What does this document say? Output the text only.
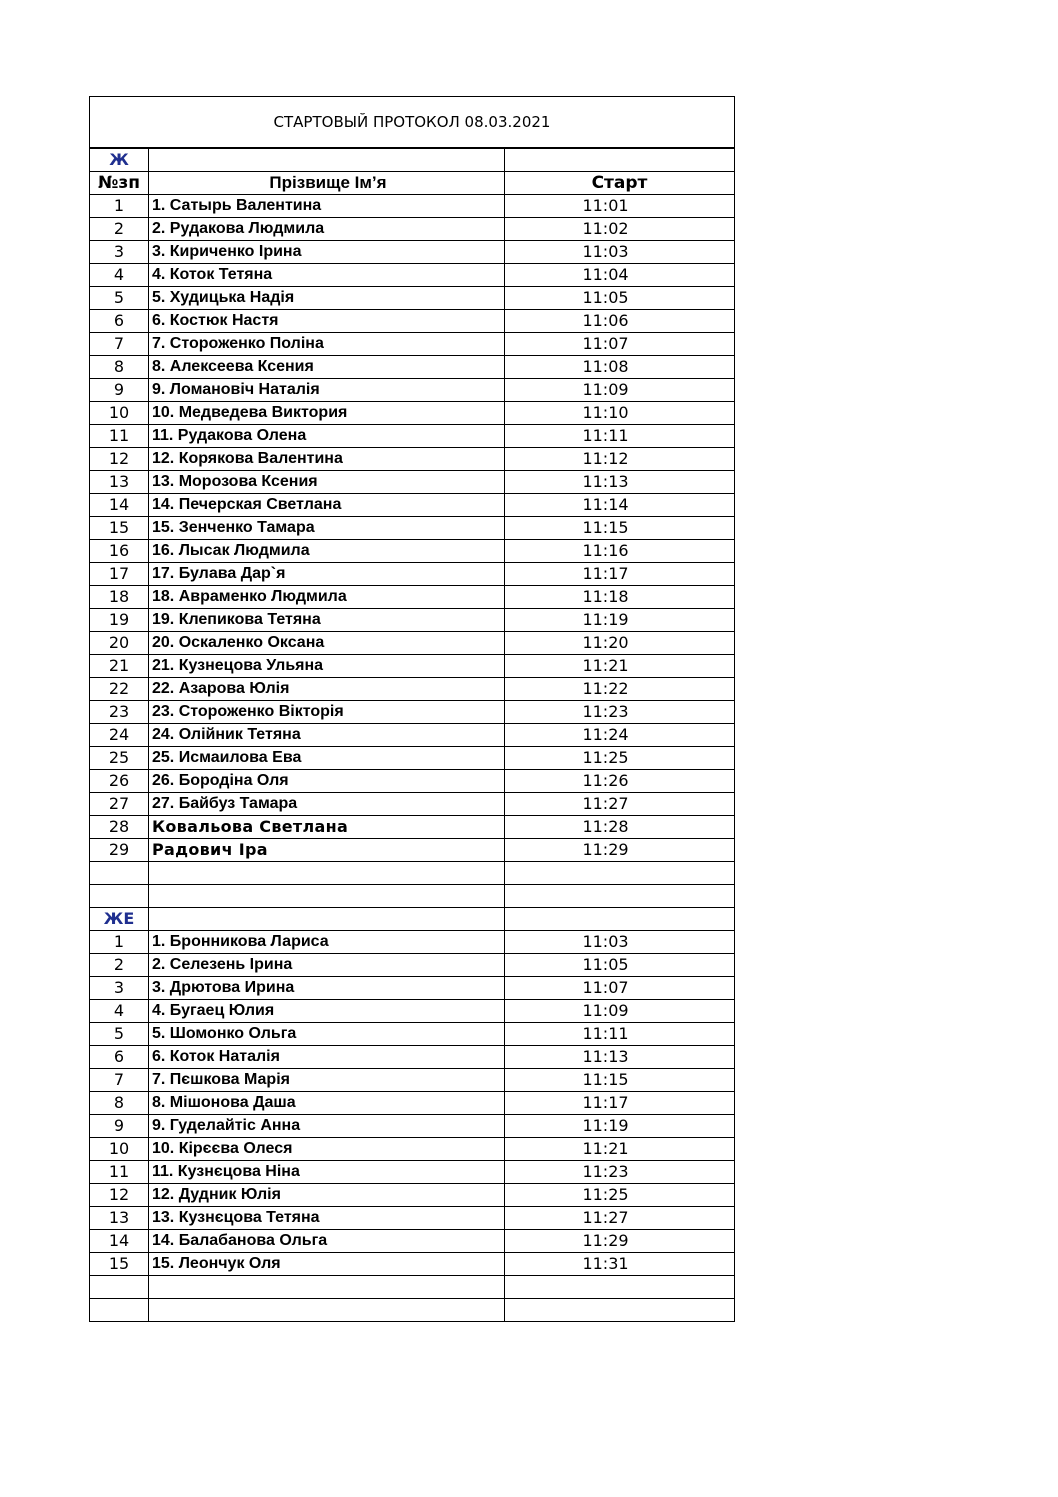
СТАРТОВЫЙ ПРОТОКОЛ 08.03.2021		
Ж		
№зп	Прізвище Ім’я	Старт
1	1. Сатырь Валентина	11:01
2	2. Рудакова Людмила	11:02
3	3. Кириченко Ірина	11:03
4	4. Коток Тетяна	11:04
5	5. Худицька Надія	11:05
6	6. Костюк Настя	11:06
7	7. Стороженко Поліна	11:07
8	8. Алексеева Ксения	11:08
9	9. Ломановіч Наталія	11:09
10	10. Медведева Виктория	11:10
11	11. Рудакова Олена	11:11
12	12. Корякова Валентина	11:12
13	13. Морозова Ксения	11:13
14	14. Печерская Светлана	11:14
15	15. Зенченко Тамара	11:15
16	16. Лысак Людмила	11:16
17	17. Булава Дар`я	11:17
18	18. Авраменко Людмила	11:18
19	19. Клепикова Тетяна	11:19
20	20. Оскаленко Оксана	11:20
21	21. Кузнецова Ульяна	11:21
22	22. Азарова Юлія	11:22
23	23. Стороженко Вікторія	11:23
24	24. Олійник Тетяна	11:24
25	25. Исмаилова Ева	11:25
26	26. Бородіна Оля	11:26
27	27. Байбуз Тамара	11:27
28	Ковальова Светлана	11:28
29	Радович Іра	11:29

ЖЕ		
1	1. Бронникова Лариса	11:03
2	2. Селезень Ірина	11:05
3	3. Дрютова Ирина	11:07
4	4. Бугаец Юлия	11:09
5	5. Шомонко Ольга	11:11
6	6. Коток Наталія	11:13
7	7. Пєшкова Марія	11:15
8	8. Мішонова Даша	11:17
9	9. Гуделайтіс Анна	11:19
10	10. Кірєєва Олеся	11:21
11	11. Кузнєцова Ніна	11:23
12	12. Дудник Юлія	11:25
13	13. Кузнєцова Тетяна	11:27
14	14. Балабанова Ольга	11:29
15	15. Леончук Оля	11:31
